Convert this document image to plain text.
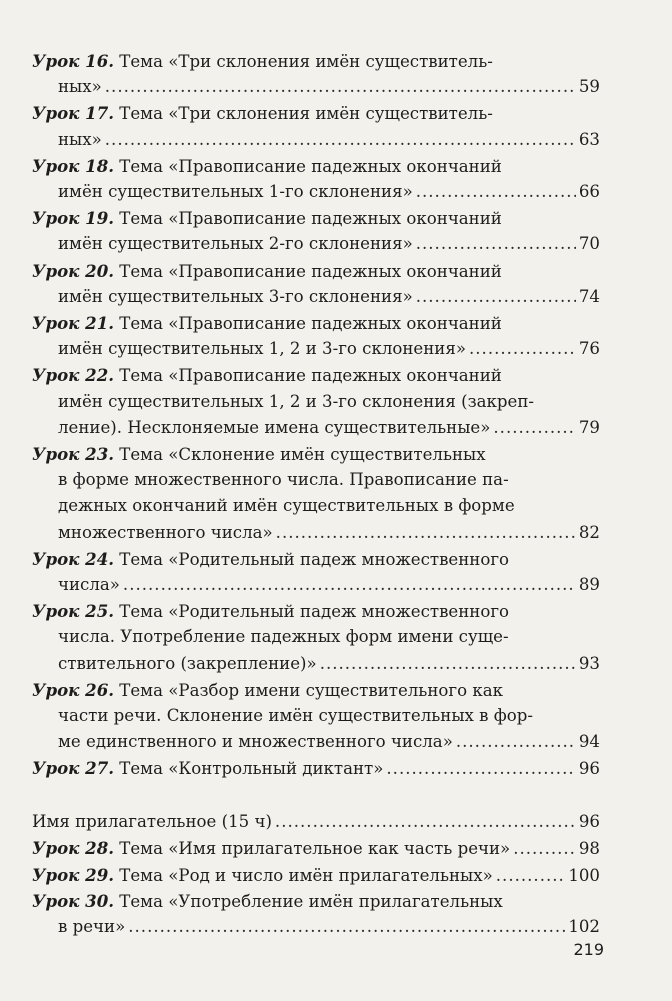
Урок 16.
Тема «Три склонения имён существитель-
ных» .....	59
Урок 17.
Тема «Три склонения имён существитель-
ных» .....	63
Урок 18.
Тема «Правописание падежных окончаний
имён существительных 1-го склонения» .....	66
Урок 19.
Тема «Правописание падежных окончаний
имён существительных 2-го склонения» .....	70
Урок 20.
Тема «Правописание падежных окончаний
имён существительных 3-го склонения» .....	74
Урок 21.
Тема «Правописание падежных окончаний
имён существительных 1, 2 и 3-го склонения» .....	76
Урок 22.
Тема «Правописание падежных окончаний
имён существительных 1, 2 и 3-го склонения (закреп-
ление). Несклоняемые имена существительные» .....	79
Урок 23.
Тема «Склонение имён существительных
в форме множественного числа. Правописание па-
дежных окончаний имён существительных в форме
множественного числа» .....	82
Урок 24.
Тема «Родительный падеж множественного
числа» .....	89
Урок 25.
Тема «Родительный падеж множественного
числа. Употребление падежных форм имени суще-
ствительного (закрепление)» .....	93
Урок 26.
Тема «Разбор имени существительного как
части речи. Склонение имён существительных в фор-
ме единственного и множественного числа» .....	94
Урок 27.
Тема «Контрольный диктант» .....	96
Имя прилагательное (15 ч) .....	96
Урок 28.
Тема «Имя прилагательное как часть речи» .....	98
Урок 29.
Тема «Род и число имён прилагательных» .....	100
Урок 30.
Тема «Употребление имён прилагательных
в речи» .....	102
219
